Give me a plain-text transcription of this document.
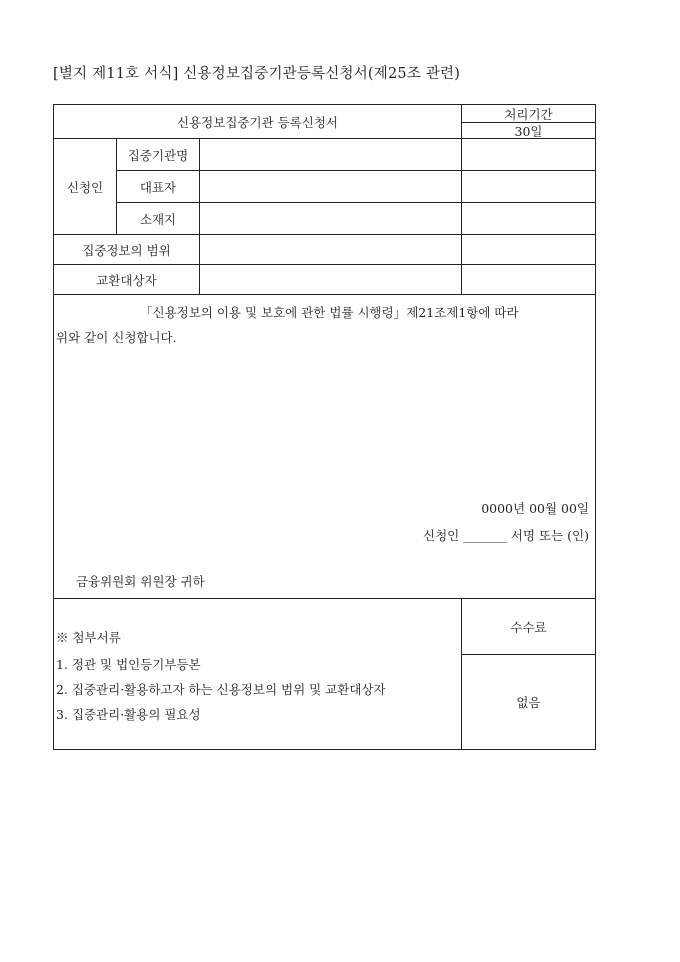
[별지 제11호 서식] 신용정보집중기관등록신청서(제25조 관련)
신용정보집중기관 등록신청서
처리기간
30일
신청인
집중기관명
대표자
소재지
집중정보의 범위
교환대상자
「신용정보의 이용 및 보호에 관한 법률 시행령」제21조제1항에 따라
위와 같이 신청합니다.
0000년 00월 00일
신청인 _______ 서명 또는 (인)
금융위원회 위원장 귀하
※ 첨부서류
1. 정관 및 법인등기부등본
2. 집중관리·활용하고자 하는 신용정보의 범위 및 교환대상자
3. 집중관리·활용의 필요성
수수료
없음
